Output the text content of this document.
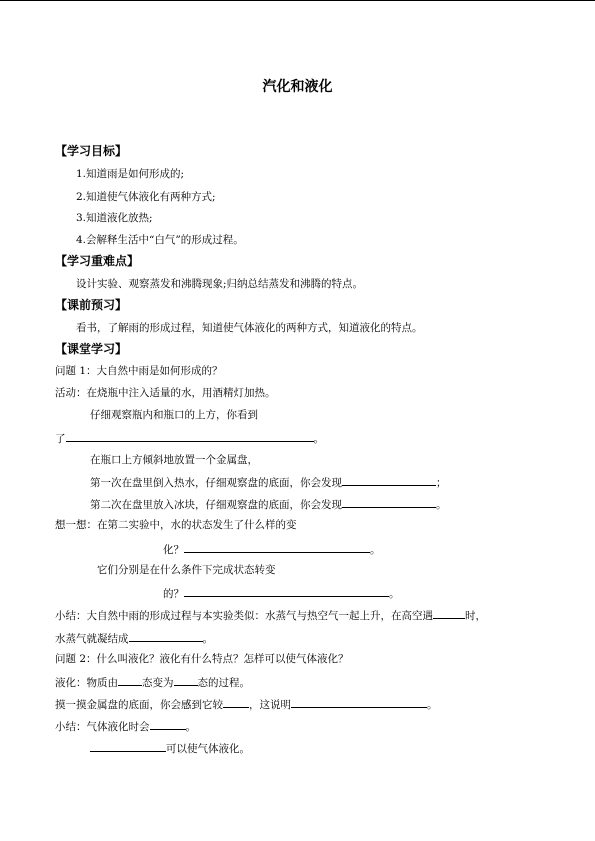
汽化和液化
【学习目标】
1.知道雨是如何形成的;
2.知道使气体液化有两种方式;
3.知道液化放热;
4.会解释生活中“白气”的形成过程。
【学习重难点】
设计实验、观察蒸发和沸腾现象;归纳总结蒸发和沸腾的特点。
【课前预习】
看书，了解雨的形成过程，知道使气体液化的两种方式，知道液化的特点。
【课堂学习】
问题 1：大自然中雨是如何形成的？
活动：在烧瓶中注入适量的水，用酒精灯加热。
仔细观察瓶内和瓶口的上方，你看到
了	。
在瓶口上方倾斜地放置一个金属盘，
第一次在盘里倒入热水，仔细观察盘的底面，你会发现	；
第二次在盘里放入冰块，仔细观察盘的底面，你会发现	。
想一想：在第二实验中，水的状态发生了什么样的变
化？	。
它们分别是在什么条件下完成状态转变
的？	。
小结：大自然中雨的形成过程与本实验类似：水蒸气与热空气一起上升，在高空遇	时，
水蒸气就凝结成	。
问题 2：什么叫液化？液化有什么特点？怎样可以使气体液化？
液化：物质由 态变为 态的过程。
摸一摸金属盘的底面，你会感到它较 ，这说明	。
小结：气体液化时会	。
可以使气体液化。
